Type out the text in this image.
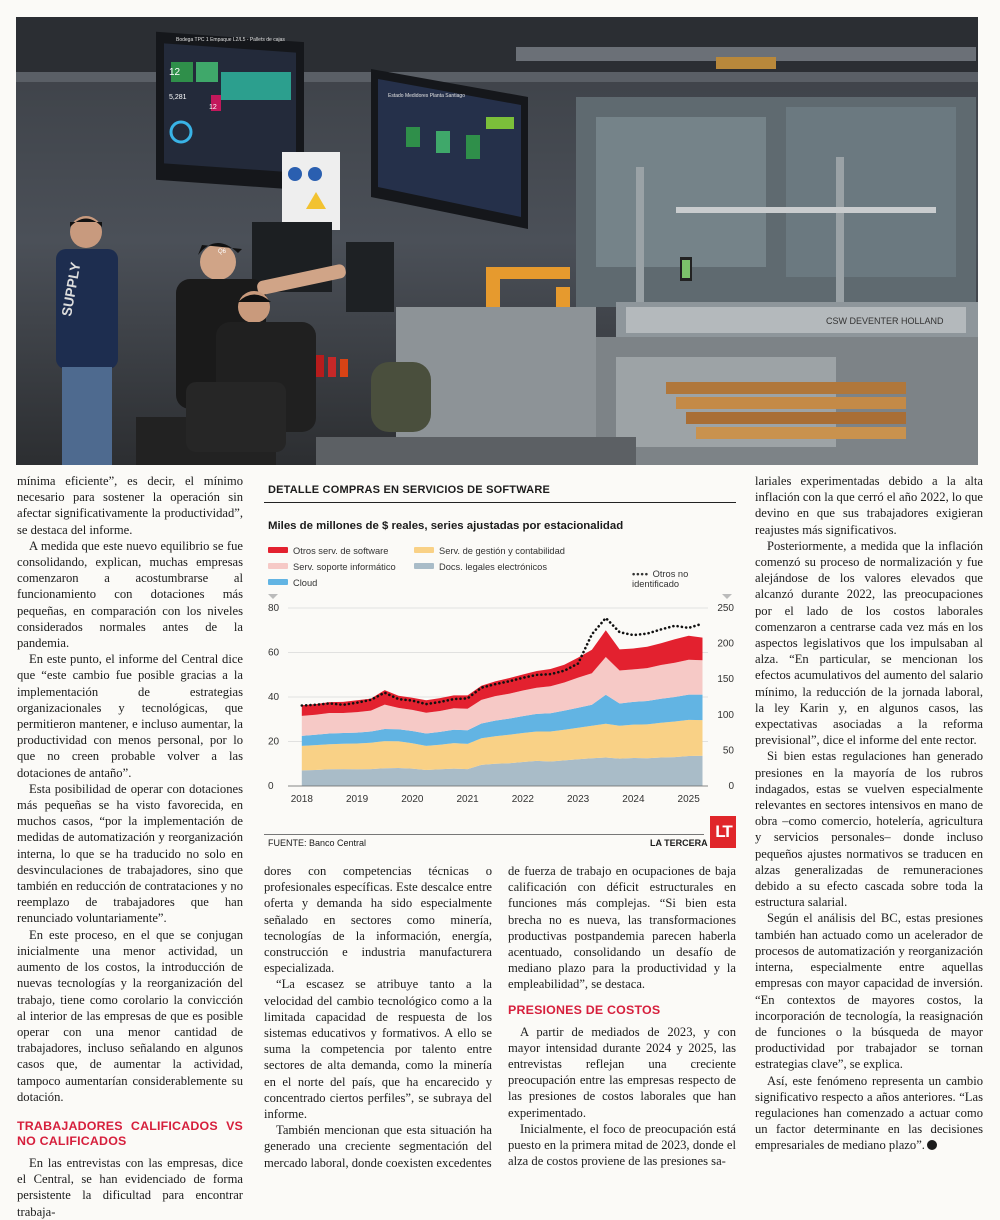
CSW DEVENTER HOLLAND
Bodega TPC 1 Empaque L2/L5 - Pallets de cajas
12
5,281
12
Estado Medidores Planta Santiago
SUPPLY
Q6

mínima eficiente”, es decir, el mínimo necesario para sostener la operación sin afectar significativamente la productividad”, se destaca del informe.

A medida que este nuevo equilibrio se fue consolidando, explican, muchas empresas comenzaron a acostumbrarse al funcionamiento con dotaciones más pequeñas, en comparación con los niveles considerados normales antes de la pandemia.

En este punto, el informe del Central dice que “este cambio fue posible gracias a la implementación de estrategias organizacionales y tecnológicas, que permitieron mantener, e incluso aumentar, la productividad con menos personal, por lo que no creen probable volver a las dotaciones de antaño”.

Esta posibilidad de operar con dotaciones más pequeñas se ha visto favorecida, en muchos casos, “por la implementación de medidas de automatización y reorganización interna, lo que se ha traducido no solo en desvinculaciones de trabajadores, sino que también en reducción de contrataciones y no reemplazo de trabajadores que han renunciado voluntariamente”.

En este proceso, en el que se conjugan inicialmente una menor actividad, un aumento de los costos, la introducción de nuevas tecnologías y la reorganización del trabajo, tiene como corolario la convicción al interior de las empresas de que es posible operar con una menor cantidad de trabajadores, incluso señalando en algunos casos que, de aumentar la actividad, tampoco aumentarían considerablemente su dotación.

TRABAJADORES CALIFICADOS VS NO CALIFICADOS

En las entrevistas con las empresas, dice el Central, se han evidenciado de forma persistente la dificultad para encontrar trabaja-

DETALLE COMPRAS EN SERVICIOS DE SOFTWARE
Miles de millones de $ reales, series ajustadas por estacionalidad
Otros serv. de software	Serv. de gestión y contabilidad
Serv. soporte informático	Docs. legales electrónicos
Cloud
•••• Otros no identificado
0
20
40
60
80
0
50
100
150
200
250
2018	2019	2020	2021	2022	2023	2024	2025
FUENTE: Banco Central	LA TERCERA
LT

dores con competencias técnicas o profesionales específicas. Este descalce entre oferta y demanda ha sido especialmente señalado en sectores como minería, tecnologías de la información, energía, construcción e industria manufacturera especializada.

“La escasez se atribuye tanto a la velocidad del cambio tecnológico como a la limitada capacidad de respuesta de los sistemas educativos y formativos. A ello se suma la competencia por talento entre sectores de alta demanda, como la minería en el norte del país, que ha encarecido y concentrado ciertos perfiles”, se subraya del informe.

También mencionan que esta situación ha generado una creciente segmentación del mercado laboral, donde coexisten excedentes

de fuerza de trabajo en ocupaciones de baja calificación con déficit estructurales en funciones más complejas. “Si bien esta brecha no es nueva, las transformaciones productivas postpandemia parecen haberla acentuado, consolidando un desafío de mediano plazo para la productividad y la empleabilidad”, se destaca.

PRESIONES DE COSTOS

A partir de mediados de 2023, y con mayor intensidad durante 2024 y 2025, las entrevistas reflejan una creciente preocupación entre las empresas respecto de las presiones de costos laborales que han experimentado.

Inicialmente, el foco de preocupación está puesto en la primera mitad de 2023, donde el alza de costos proviene de las presiones sa-

lariales experimentadas debido a la alta inflación con la que cerró el año 2022, lo que devino en que sus trabajadores exigieran reajustes más significativos.

Posteriormente, a medida que la inflación comenzó su proceso de normalización y fue alejándose de los valores elevados que alcanzó durante 2022, las preocupaciones por el lado de los costos laborales comenzaron a centrarse cada vez más en los aspectos legislativos que los impulsaban al alza. “En particular, se mencionan los efectos acumulativos del aumento del salario mínimo, la reducción de la jornada laboral, la ley Karin y, en algunos casos, las expectativas asociadas a la reforma previsional”, dice el informe del ente rector.

Si bien estas regulaciones han generado presiones en la mayoría de los rubros indagados, estas se vuelven especialmente relevantes en sectores intensivos en mano de obra –como comercio, hotelería, agricultura y servicios personales– donde incluso pequeños ajustes normativos se traducen en alzas generalizadas de remuneraciones debido a su efecto cascada sobre toda la estructura salarial.

Según el análisis del BC, estas presiones también han actuado como un acelerador de procesos de automatización y reorganización interna, especialmente entre aquellas empresas con mayor capacidad de inversión. “En contextos de mayores costos, la incorporación de tecnología, la reasignación de funciones o la búsqueda de mayor productividad por trabajador se tornan estrategias clave”, se explica.

Así, este fenómeno representa un cambio significativo respecto a años anteriores. “Las regulaciones han comenzado a actuar como un factor determinante en las decisiones empresariales de mediano plazo”.
